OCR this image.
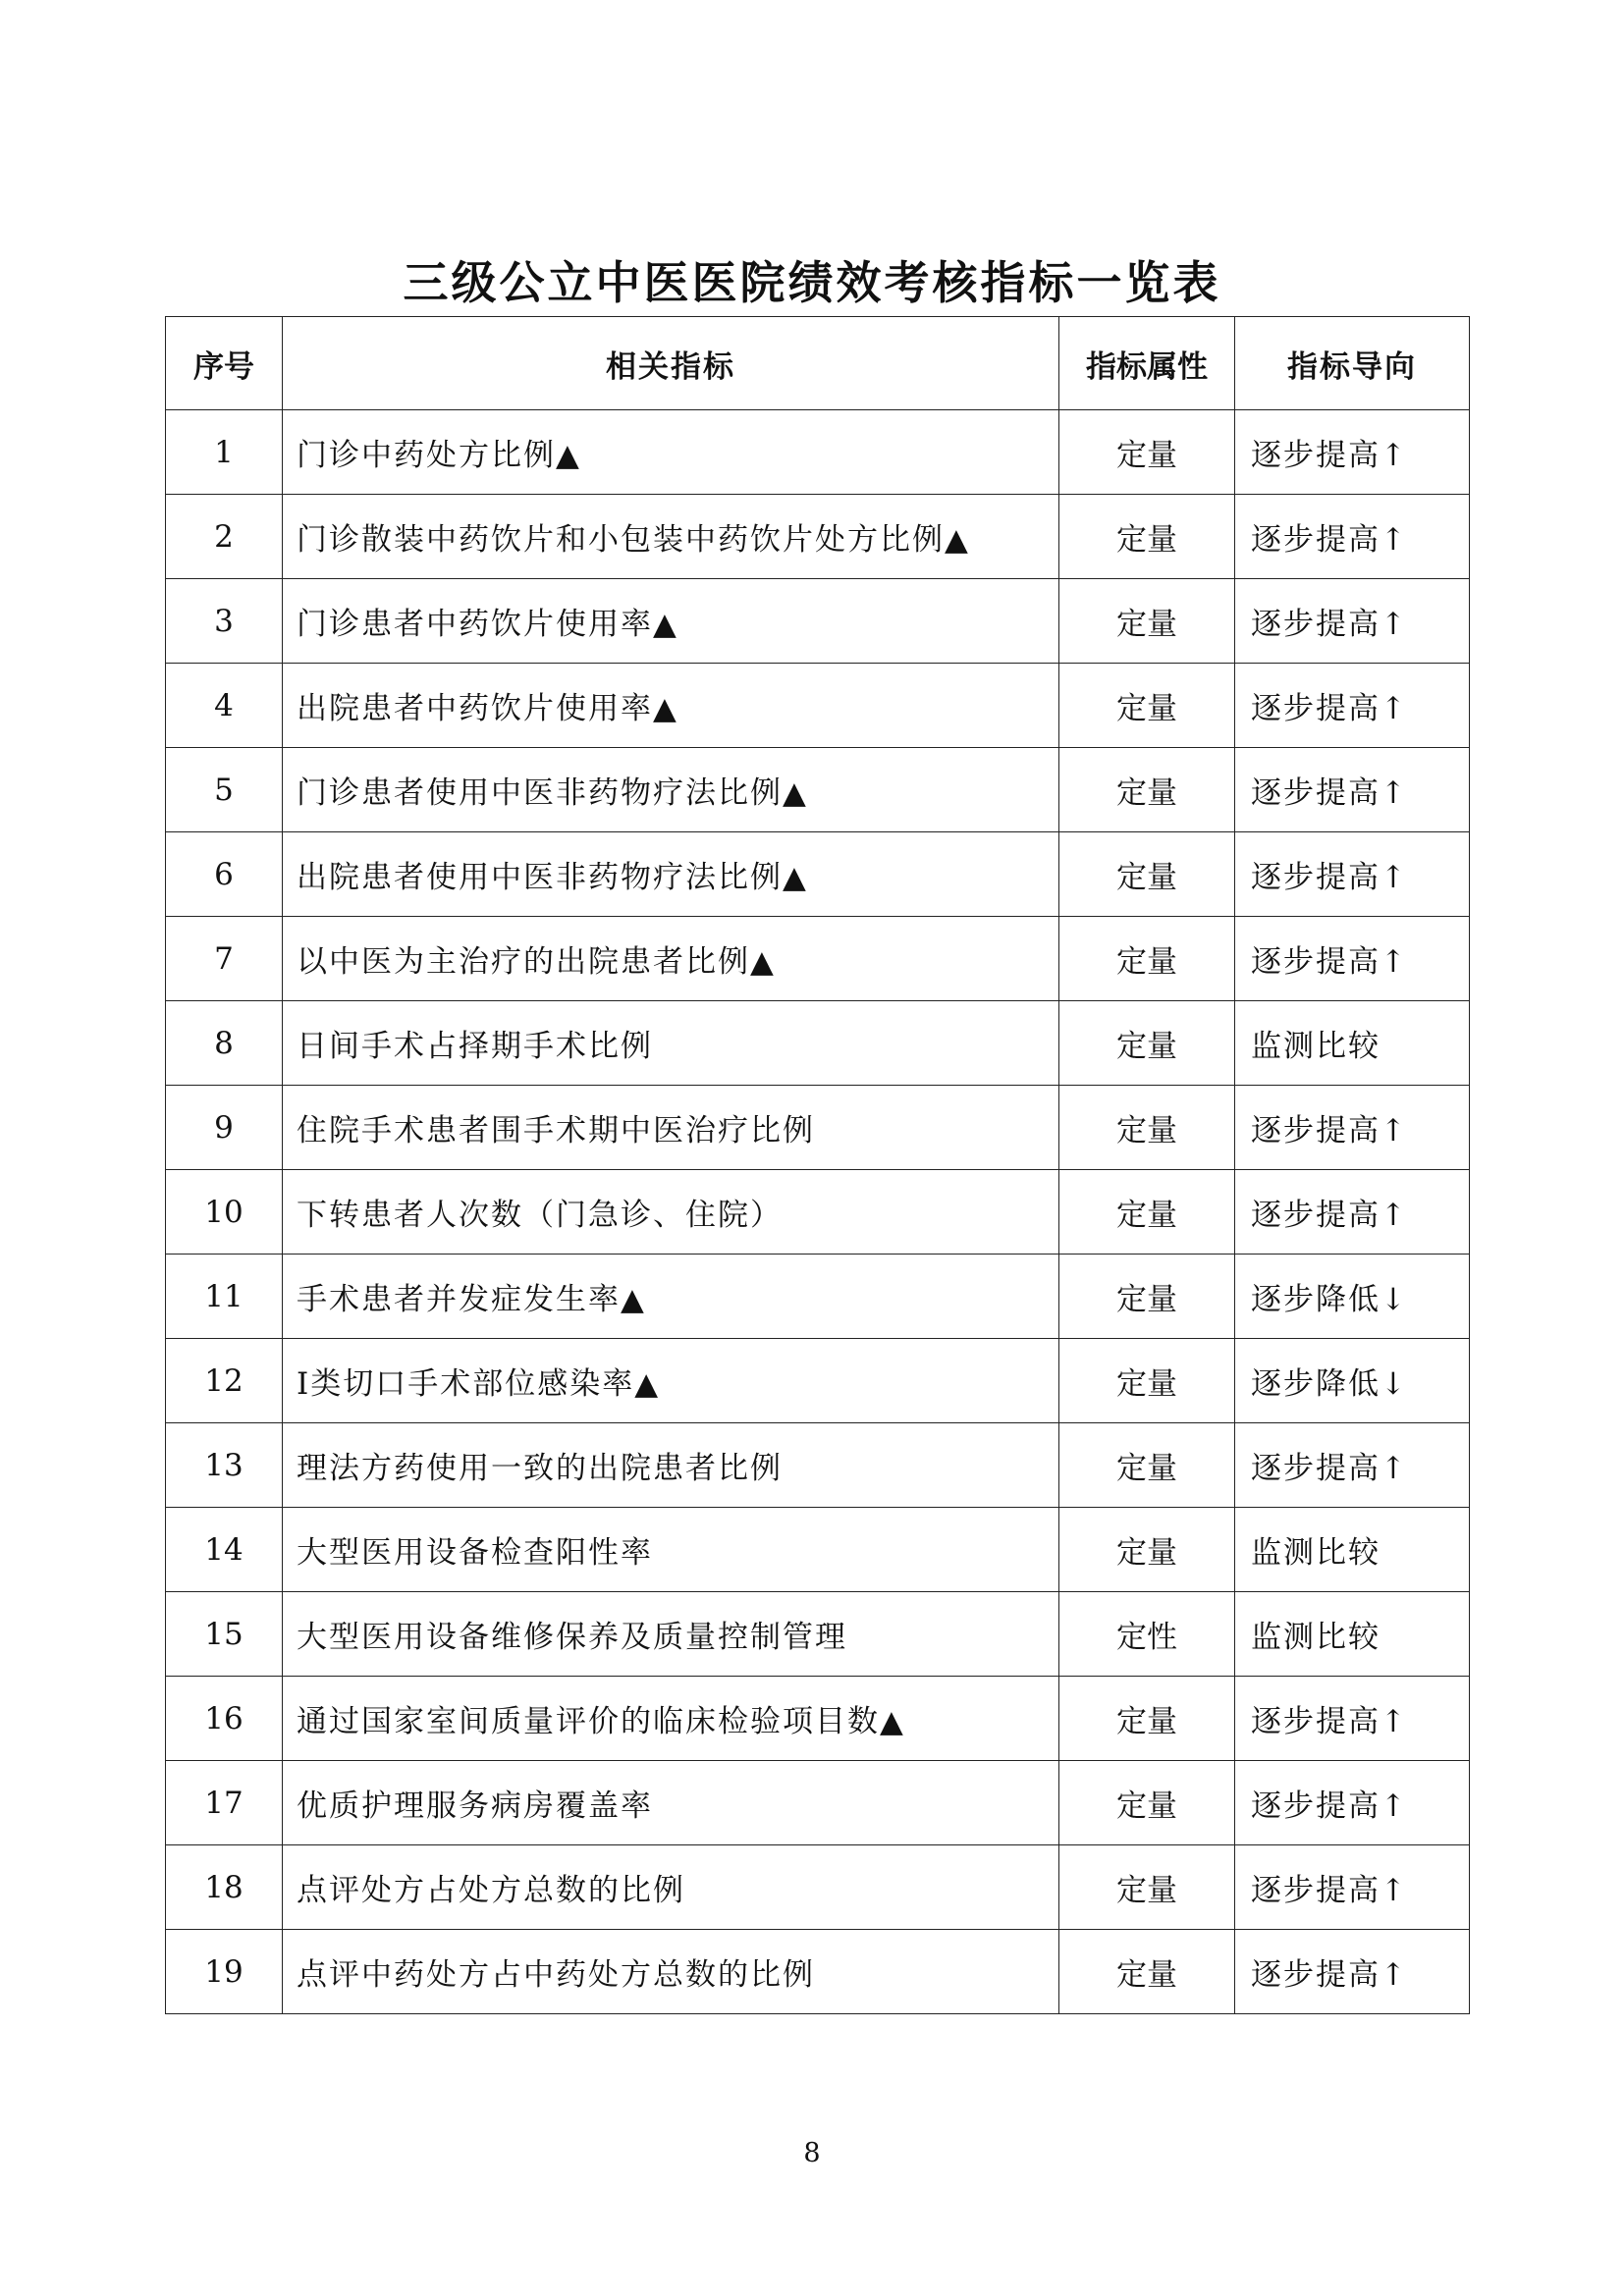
三级公立中医医院绩效考核指标一览表
序号	相关指标	指标属性	指标导向
1	门诊中药处方比例▲	定量	逐步提高↑
2	门诊散装中药饮片和小包装中药饮片处方比例▲	定量	逐步提高↑
3	门诊患者中药饮片使用率▲	定量	逐步提高↑
4	出院患者中药饮片使用率▲	定量	逐步提高↑
5	门诊患者使用中医非药物疗法比例▲	定量	逐步提高↑
6	出院患者使用中医非药物疗法比例▲	定量	逐步提高↑
7	以中医为主治疗的出院患者比例▲	定量	逐步提高↑
8	日间手术占择期手术比例	定量	监测比较
9	住院手术患者围手术期中医治疗比例	定量	逐步提高↑
10	下转患者人次数（门急诊、住院）	定量	逐步提高↑
11	手术患者并发症发生率▲	定量	逐步降低↓
12	Ⅰ类切口手术部位感染率▲	定量	逐步降低↓
13	理法方药使用一致的出院患者比例	定量	逐步提高↑
14	大型医用设备检查阳性率	定量	监测比较
15	大型医用设备维修保养及质量控制管理	定性	监测比较
16	通过国家室间质量评价的临床检验项目数▲	定量	逐步提高↑
17	优质护理服务病房覆盖率	定量	逐步提高↑
18	点评处方占处方总数的比例	定量	逐步提高↑
19	点评中药处方占中药处方总数的比例	定量	逐步提高↑
8
